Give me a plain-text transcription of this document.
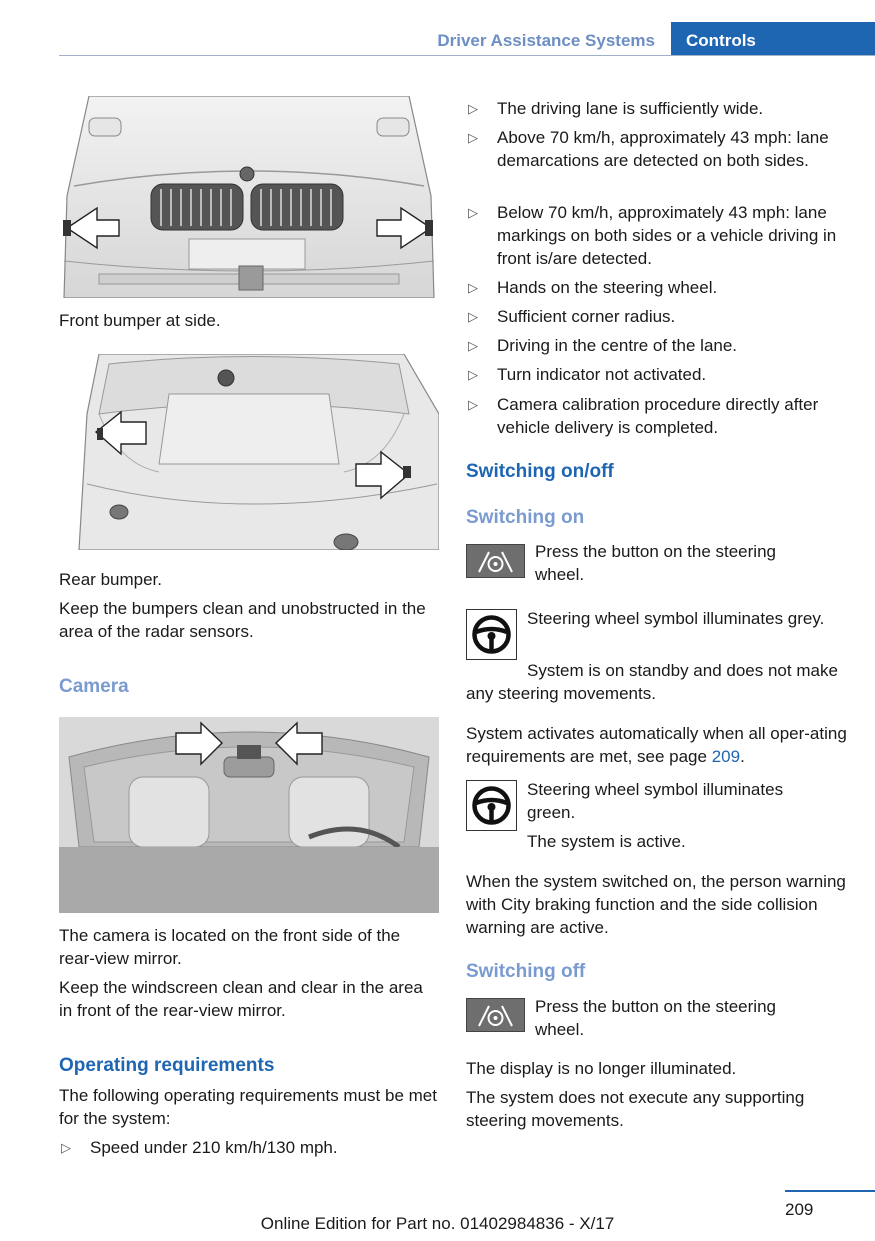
Driver Assistance Systems	Controls
Front bumper at side.
Rear bumper.
Keep the bumpers clean and unobstructed in the area of the radar sensors.
Camera
The camera is located on the front side of the rear-view mirror.
Keep the windscreen clean and clear in the area in front of the rear-view mirror.
Operating requirements
The following operating requirements must be met for the system:
▷ Speed under 210 km/h/130 mph.
▷ The driving lane is sufficiently wide.
▷ Above 70 km/h, approximately 43 mph: lane demarcations are detected on both sides.
▷ Below 70 km/h, approximately 43 mph: lane markings on both sides or a vehicle driving in front is/are detected.
▷ Hands on the steering wheel.
▷ Sufficient corner radius.
▷ Driving in the centre of the lane.
▷ Turn indicator not activated.
▷ Camera calibration procedure directly after vehicle delivery is completed.
Switching on/off
Switching on
Press the button on the steering wheel.
Steering wheel symbol illuminates grey.
System is on standby and does not make any steering movements.
System activates automatically when all oper-ating requirements are met, see page 209.
Steering wheel symbol illuminates green.
The system is active.
When the system switched on, the person warning with City braking function and the side collision warning are active.
Switching off
Press the button on the steering wheel.
The display is no longer illuminated.
The system does not execute any supporting steering movements.
209
Online Edition for Part no. 01402984836 - X/17
